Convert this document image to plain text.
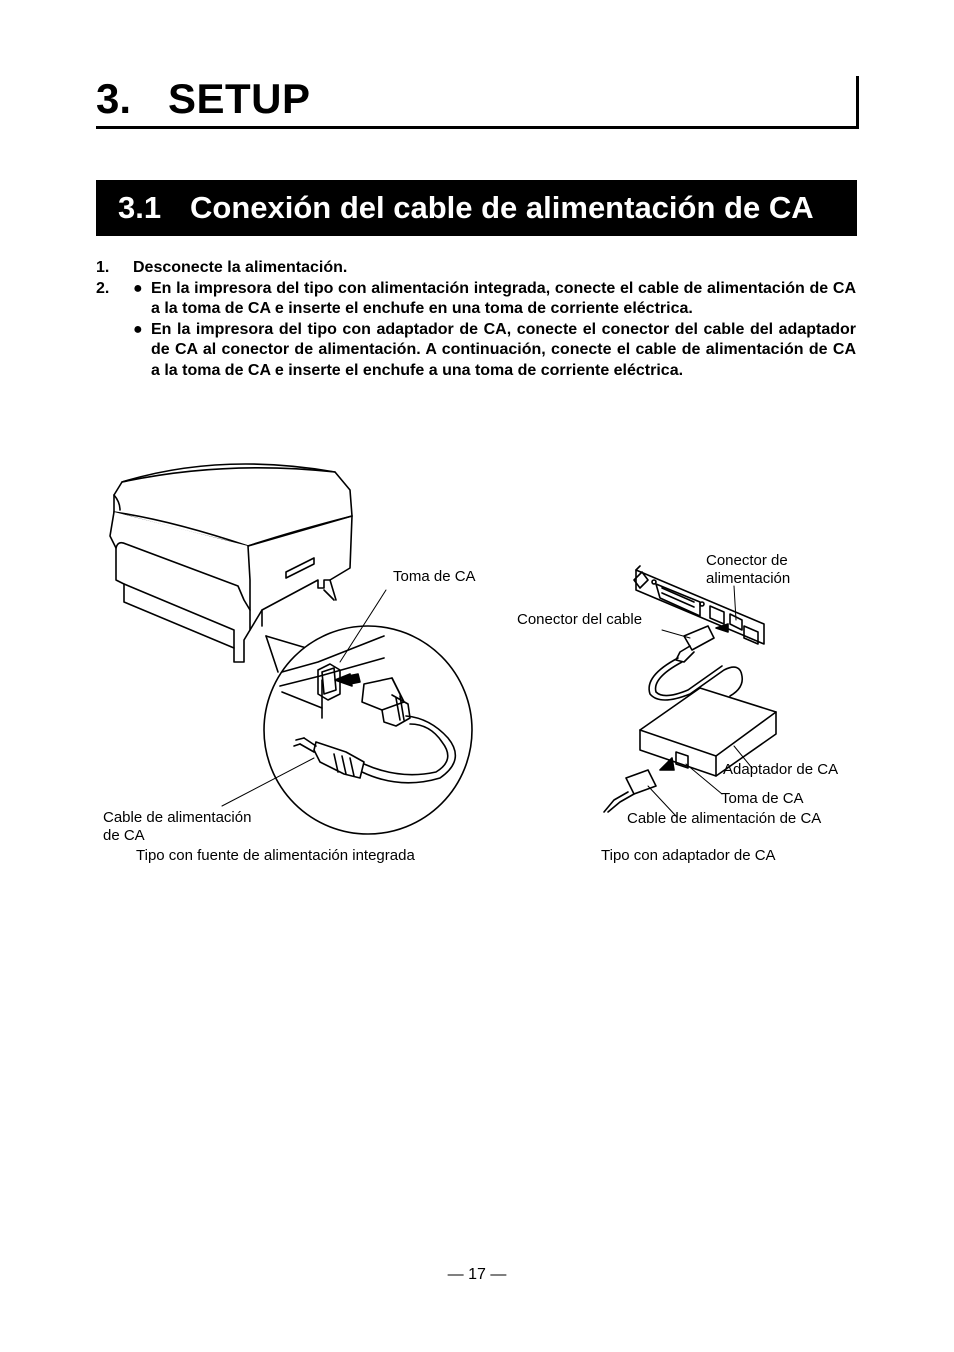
3. SETUP
3.1 Conexión del cable de alimentación de CA
1. Desconecte la alimentación.
2. ● En la impresora del tipo con alimentación integrada, conecte el cable de alimentación de CA a la toma de CA e inserte el enchufe en una toma de corriente eléctrica.
● En la impresora del tipo con adaptador de CA, conecte el conector del cable del adaptador de CA al conector de alimentación. A continuación, conecte el cable de alimentación de CA a la toma de CA e inserte el enchufe a una toma de corriente eléctrica.
Toma de CA
Cable de alimentación
de CA
Tipo con fuente de alimentación integrada
Conector de
alimentación
Conector del cable
Adaptador de CA
Toma de CA
Cable de alimentación de CA
Tipo con adaptador de CA
— 17 —
